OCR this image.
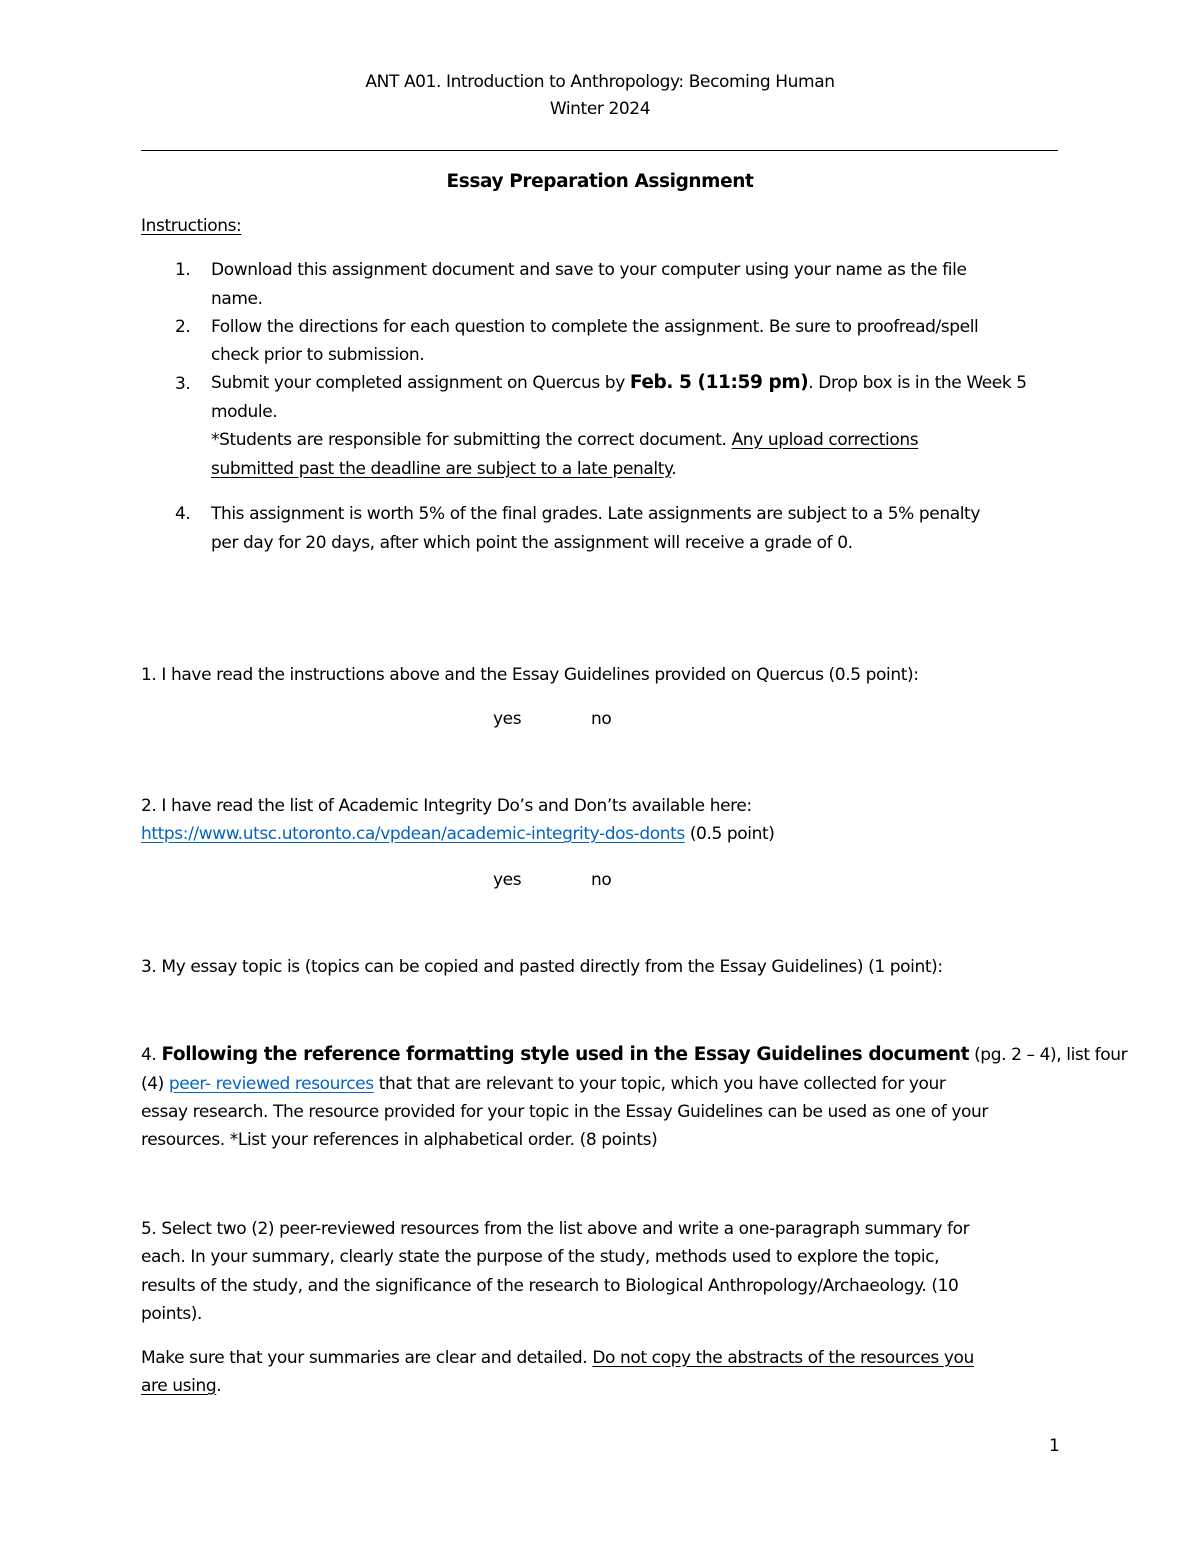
ANT A01. Introduction to Anthropology: Becoming Human
Winter 2024
Essay Preparation Assignment
Instructions:
1. Download this assignment document and save to your computer using your name as the file
name.
2. Follow the directions for each question to complete the assignment. Be sure to proofread/spell
check prior to submission.
3. Submit your completed assignment on Quercus by Feb. 5 (11:59 pm). Drop box is in the Week 5
module.
*Students are responsible for submitting the correct document. Any upload corrections
submitted past the deadline are subject to a late penalty.
4. This assignment is worth 5% of the final grades. Late assignments are subject to a 5% penalty
per day for 20 days, after which point the assignment will receive a grade of 0.
1. I have read the instructions above and the Essay Guidelines provided on Quercus (0.5 point):
yes	no
2. I have read the list of Academic Integrity Do’s and Don’ts available here:
https://www.utsc.utoronto.ca/vpdean/academic-integrity-dos-donts (0.5 point)
yes	no
3. My essay topic is (topics can be copied and pasted directly from the Essay Guidelines) (1 point):
4. Following the reference formatting style used in the Essay Guidelines document (pg. 2 – 4), list four
(4) peer- reviewed resources that that are relevant to your topic, which you have collected for your
essay research. The resource provided for your topic in the Essay Guidelines can be used as one of your
resources. *List your references in alphabetical order. (8 points)
5. Select two (2) peer-reviewed resources from the list above and write a one-paragraph summary for
each. In your summary, clearly state the purpose of the study, methods used to explore the topic,
results of the study, and the significance of the research to Biological Anthropology/Archaeology. (10
points).
Make sure that your summaries are clear and detailed. Do not copy the abstracts of the resources you
are using.
1
